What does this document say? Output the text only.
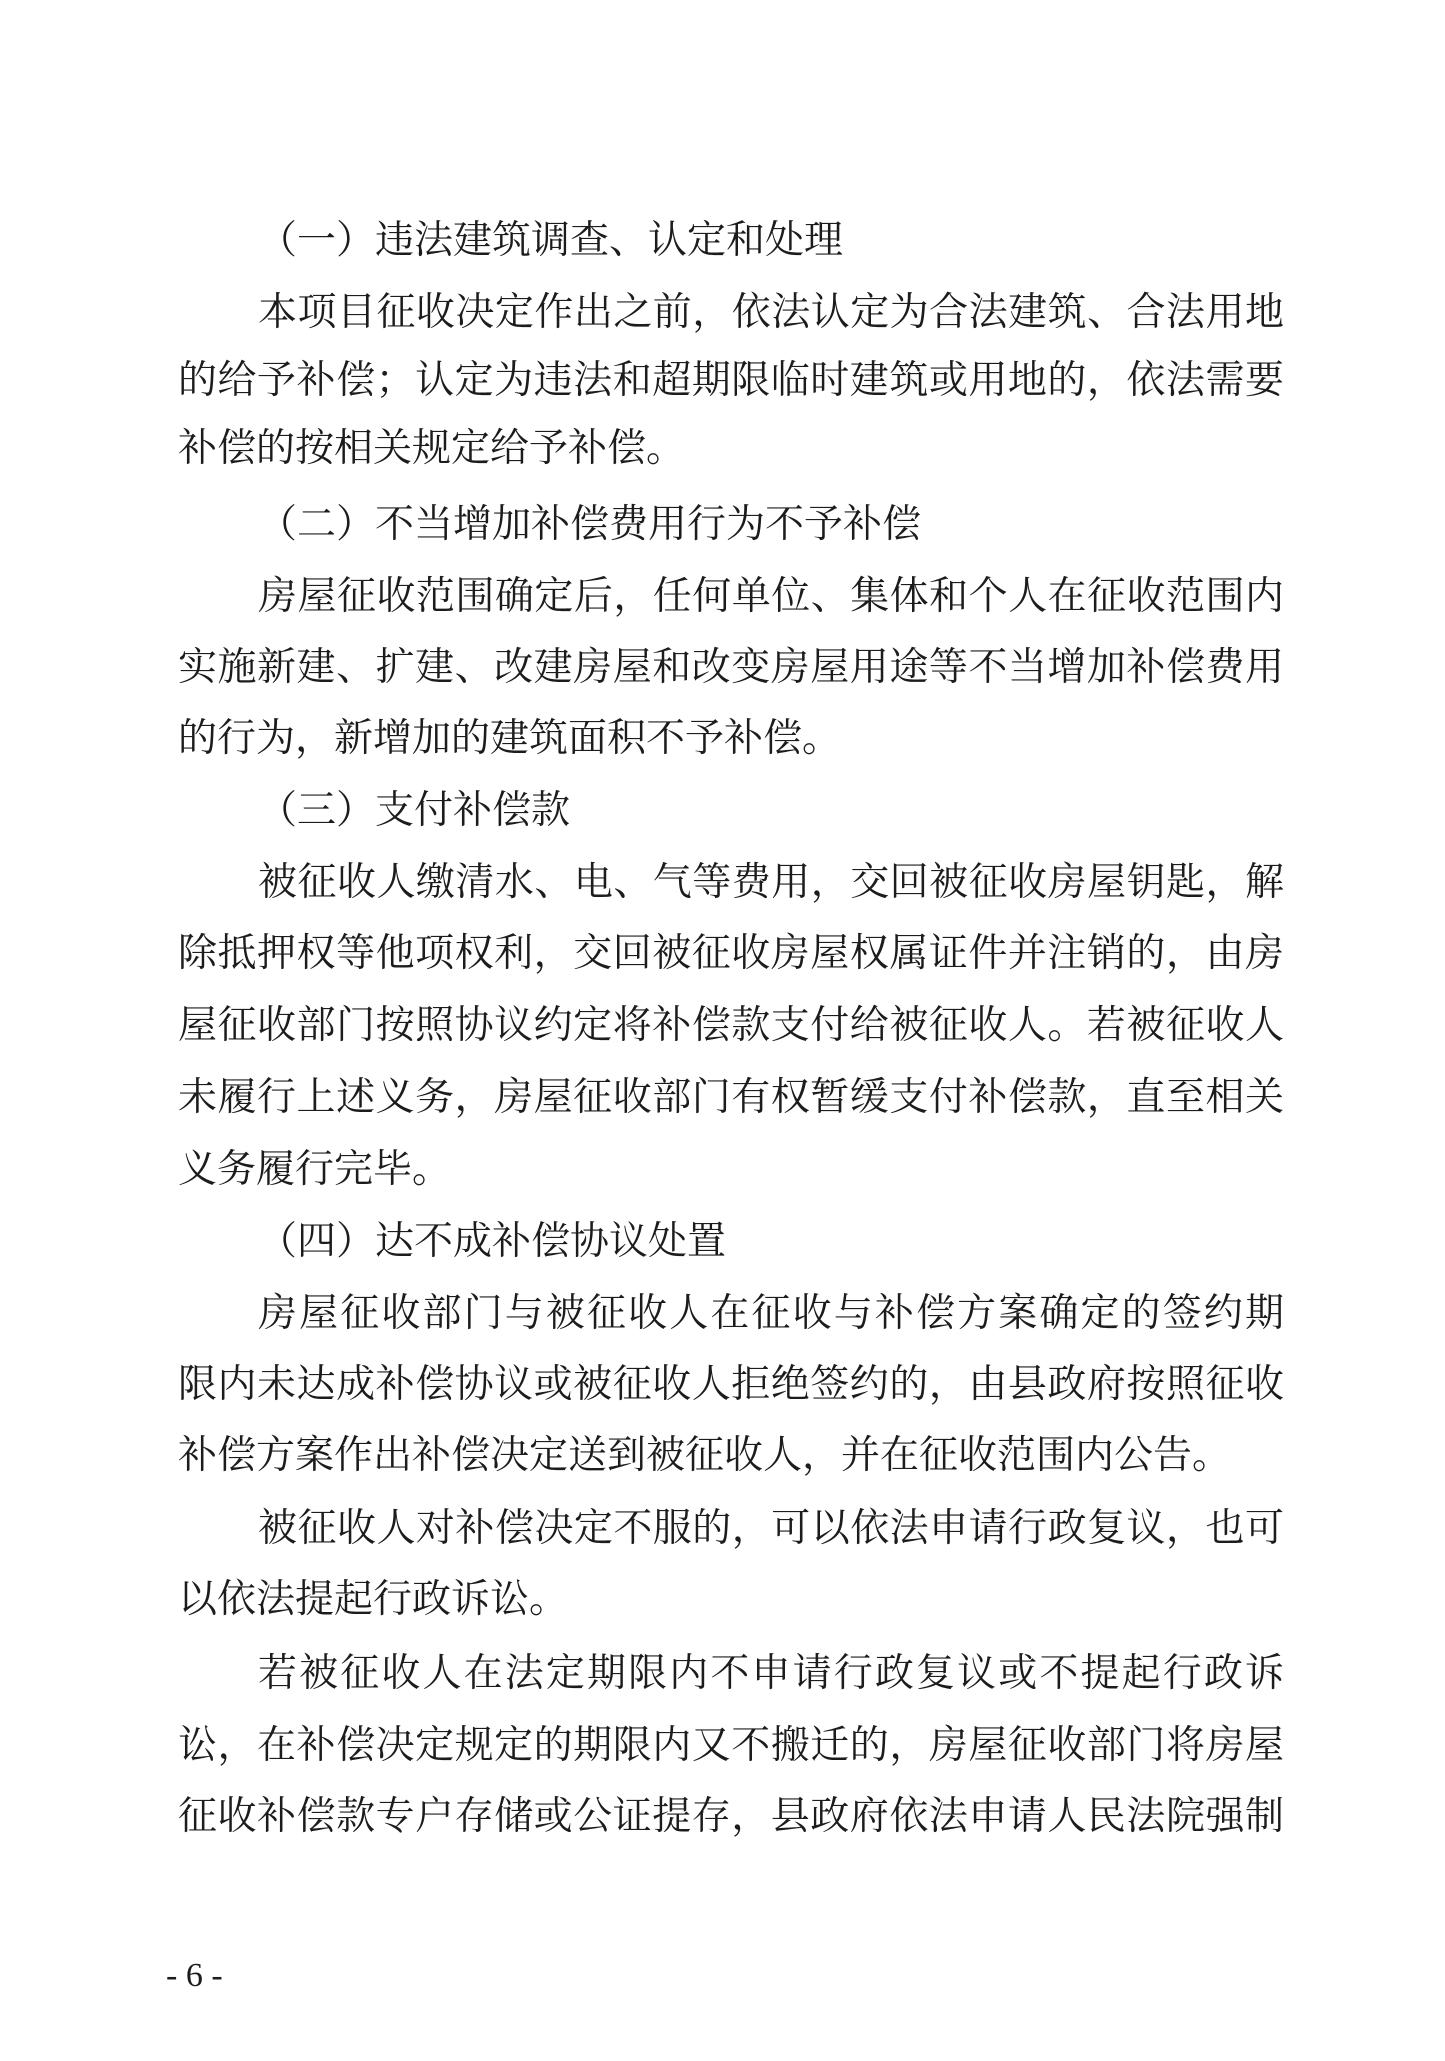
（一）违法建筑调查、认定和处理
本项目征收决定作出之前，依法认定为合法建筑、合法用地
的给予补偿；认定为违法和超期限临时建筑或用地的，依法需要
补偿的按相关规定给予补偿。
（二）不当增加补偿费用行为不予补偿
房屋征收范围确定后，任何单位、集体和个人在征收范围内
实施新建、扩建、改建房屋和改变房屋用途等不当增加补偿费用
的行为，新增加的建筑面积不予补偿。
（三）支付补偿款
被征收人缴清水、电、气等费用，交回被征收房屋钥匙，解
除抵押权等他项权利，交回被征收房屋权属证件并注销的，由房
屋征收部门按照协议约定将补偿款支付给被征收人。若被征收人
未履行上述义务，房屋征收部门有权暂缓支付补偿款，直至相关
义务履行完毕。
（四）达不成补偿协议处置
房屋征收部门与被征收人在征收与补偿方案确定的签约期
限内未达成补偿协议或被征收人拒绝签约的，由县政府按照征收
补偿方案作出补偿决定送到被征收人，并在征收范围内公告。
被征收人对补偿决定不服的，可以依法申请行政复议，也可
以依法提起行政诉讼。
若被征收人在法定期限内不申请行政复议或不提起行政诉
讼，在补偿决定规定的期限内又不搬迁的，房屋征收部门将房屋
征收补偿款专户存储或公证提存，县政府依法申请人民法院强制
- 6 -
